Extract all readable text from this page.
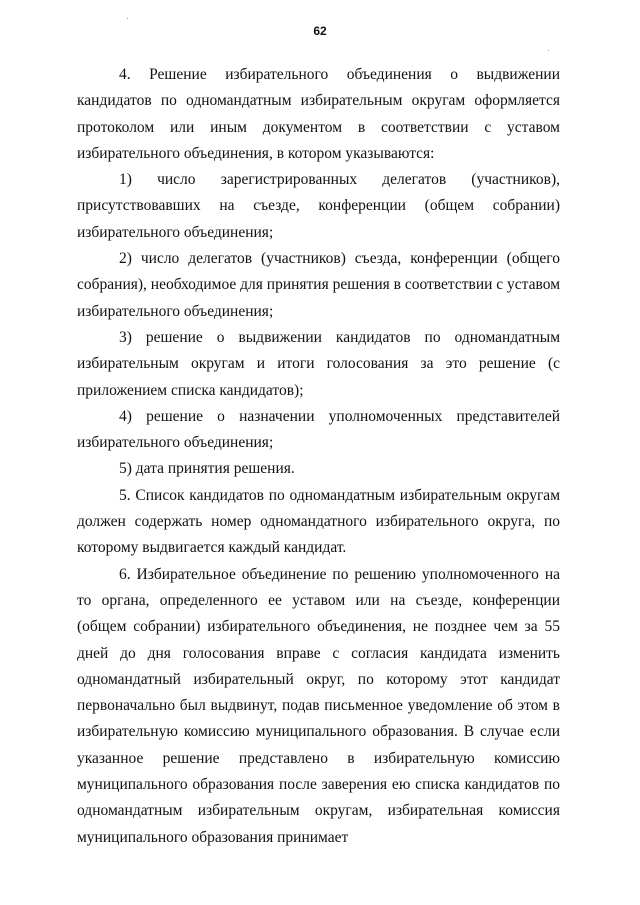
62

4. Решение избирательного объединения о выдвижении кандидатов по одномандатным избирательным округам оформляется протоколом или иным документом в соответствии с уставом избирательного объединения, в котором указываются:

1) число зарегистрированных делегатов (участников), присутствовавших на съезде, конференции (общем собрании) избирательного объединения;

2) число делегатов (участников) съезда, конференции (общего собрания), необходимое для принятия решения в соответствии с уставом избирательного объединения;

3) решение о выдвижении кандидатов по одномандатным избирательным округам и итоги голосования за это решение (с приложением списка кандидатов);

4) решение о назначении уполномоченных представителей избирательного объединения;

5) дата принятия решения.

5. Список кандидатов по одномандатным избирательным округам должен содержать номер одномандатного избирательного округа, по которому выдвигается каждый кандидат.

6. Избирательное объединение по решению уполномоченного на то органа, определенного ее уставом или на съезде, конференции (общем собрании) избирательного объединения, не позднее чем за 55 дней до дня голосования вправе с согласия кандидата изменить одномандатный избирательный округ, по которому этот кандидат первоначально был выдвинут, подав письменное уведомление об этом в избирательную комиссию муниципального образования. В случае если указанное решение представлено в избирательную комиссию муниципального образования после заверения ею списка кандидатов по одномандатным избирательным округам, избирательная комиссия муниципального образования принимает
